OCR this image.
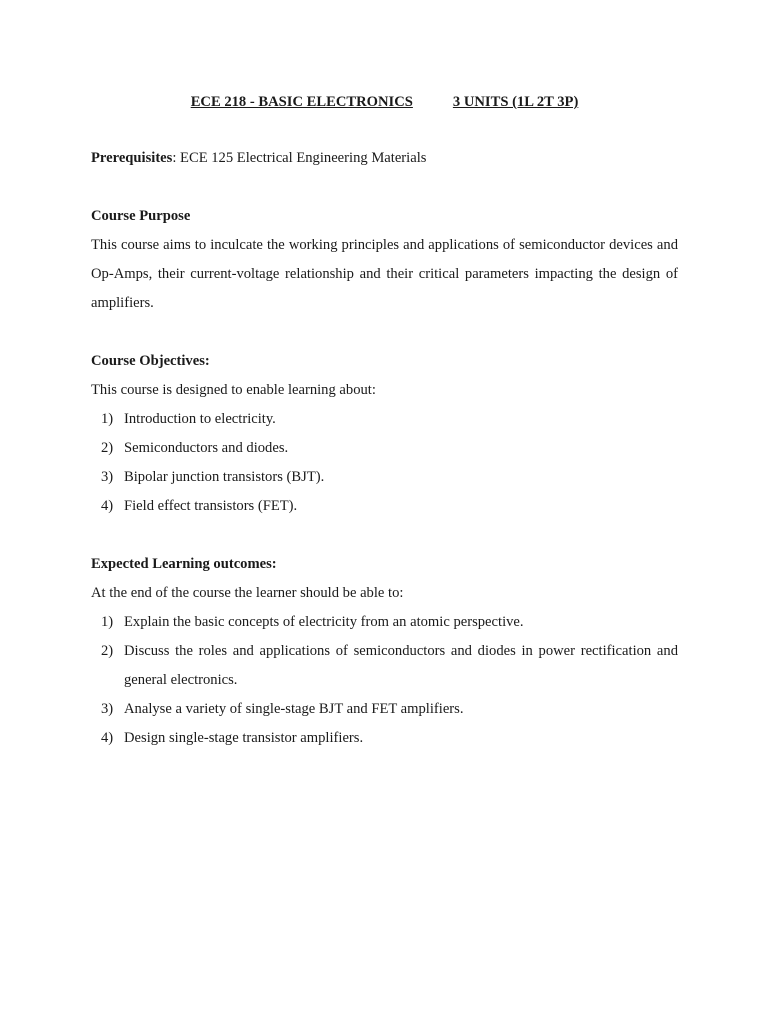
ECE 218 - BASIC ELECTRONICS	3 UNITS (1L 2T 3P)

Prerequisites: ECE 125 Electrical Engineering Materials

Course Purpose

This course aims to inculcate the working principles and applications of semiconductor devices and Op-Amps, their current-voltage relationship and their critical parameters impacting the design of amplifiers.

Course Objectives:

This course is designed to enable learning about:

1) Introduction to electricity.
2) Semiconductors and diodes.
3) Bipolar junction transistors (BJT).
4) Field effect transistors (FET).

Expected Learning outcomes:

At the end of the course the learner should be able to:

1) Explain the basic concepts of electricity from an atomic perspective.
2) Discuss the roles and applications of semiconductors and diodes in power rectification and general electronics.
3) Analyse a variety of single-stage BJT and FET amplifiers.
4) Design single-stage transistor amplifiers.
